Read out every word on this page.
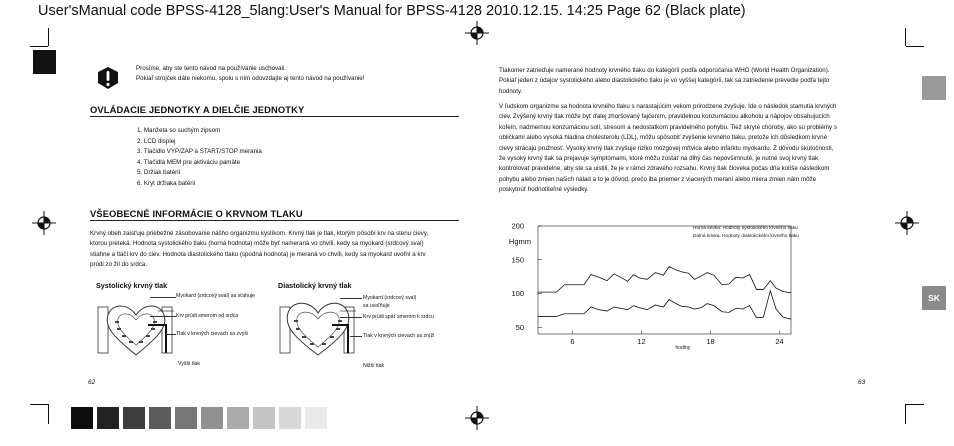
User'sManual code BPSS-4128_5lang:User's Manual for BPSS-4128 2010.12.15. 14:25 Page 62 (Black plate)
SK
Prosíme, aby ste tento návod na používanie uschovali.
Pokiaľ strojček dáte niekomu, spolu s ním odovzdajte aj tento návod na používanie!
OVLÁDACIE JEDNOTKY A DIELČIE JEDNOTKY
1. Manžeta so suchým zipsom
2. LCD displej
3. Tlačidlo VYP/ZAP a START/STOP merania
4. Tlačidlá MEM pre aktiváciu pamäte
5. Držiak batérií
6. Kryt držiaka batérií
VŠEOBECNÉ INFORMÁCIE O KRVNOM TLAKU
Krvný obeh zaisťuje priebežné zásobovanie nášho organizmu kyslíkom. Krvný tlak je tlak, ktorým pôsobí krv na stenu cievy,
ktorou preteká. Hodnota systolického tlaku (horná hodnota) môže byť nameraná vo chvíli, kedy sa myokard (srdcový sval)
stiahne a tlačí krv do ciev. Hodnota diastolického tlaku (spodná hodnota) je meraná vo chvíli, kedy sa myokard uvoľní a krv
prúdi zo žíl do srdca.
Systolický krvný tlak
Myokard (srdcový sval) sa sťahuje
Krv prúdi smerom od srdca
Tlak v krvných cievach sa zvýši
Vyšší tlak
Diastolický krvný tlak
Myokard (srdcový sval)
sa uvoľňuje
Krv prúdi späť smerom k srdcu
Tlak v krvných cievach sa zníži
Nižší tlak
62
Tlakomer zatrieďuje namerané hodnoty krvného tlaku do kategórií podľa odporúčania WHO (World Health Organization).
Pokiaľ jeden z údajov systolického alebo diastolického tlaku je vo vyššej kategórii, tak sa zatriedenie prevedie podľa tejto
hodnoty.
V ľudskom organizme sa hodnota krvného tlaku s narastajúcim vekom prirodzene zvyšuje. Ide o následok stamutia krvných
ciev. Zvýšený krvný tlak môže byť ďalej zhoršovaný fajčením, pravidelnou konzumáciou alkoholu a nápojov obsahujúcich
kofeín, nadmernou konzumáciou solí, stresom a nedostatkom pravidelného pohybu. Tiež skryté choroby, ako sú problémy s
obličkami alebo vysoká hladina cholesterolu (LDL), môžu spôsobiť zvýšenie krvného tlaku, pretože ich dôsledkom krvné
cievy strácajú pružnosť. Vysoký krvný tlak zvyšuje riziko mozgovej mŕtvice alebo infarktu myokardu. Z dôvodu skutočnosti,
že vysoký krvný tlak sa prejavuje symptómami, ktoré môžu zostať na dlhý čas nepovšimnuté, je nutné svoj krvný tlak
kontrolovať pravidelne, aby ste sa uistili, že je v rámci zdravého rozsahu. Krvný tlak človeka počas dňa kolíše následkom
pohybu alebo zmien našich nálad a to je dôvod, prečo iba priemer z viacerých meraní alebo miera zmien nám môže
poskytnúť hodnotiteľné výsledky.
50
100
150
200
6	12	18	24
Hgmm
hodiny
Horná krivka: Hodnoty systolického krvného tlaku
Dolná krivka: Hodnoty diastolického krvného tlaku
63
